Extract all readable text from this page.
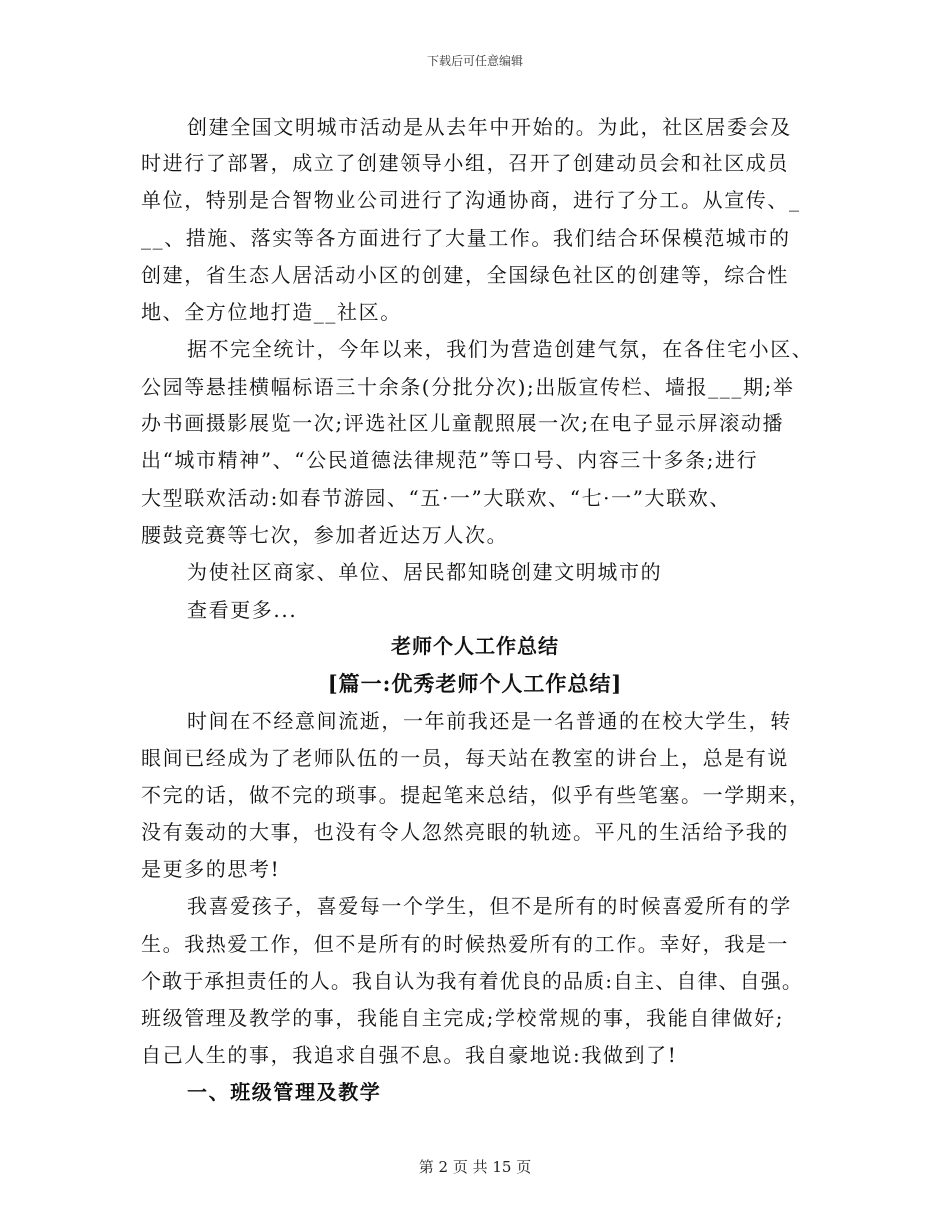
下载后可任意编辑
创建全国文明城市活动是从去年中开始的。为此，社区居委会及
时进行了部署，成立了创建领导小组，召开了创建动员会和社区成员
单位，特别是合智物业公司进行了沟通协商，进行了分工。从宣传、_
__、措施、落实等各方面进行了大量工作。我们结合环保模范城市的
创建，省生态人居活动小区的创建，全国绿色社区的创建等，综合性
地、全方位地打造__社区。
据不完全统计，今年以来，我们为营造创建气氛，在各住宅小区、
公园等悬挂横幅标语三十余条(分批分次);出版宣传栏、墙报___期;举
办书画摄影展览一次;评选社区儿童靓照展一次;在电子显示屏滚动播
出“城市精神”、“公民道德法律规范”等口号、内容三十多条;进行
大型联欢活动:如春节游园、“五·一”大联欢、“七·一”大联欢、
腰鼓竞赛等七次，参加者近达万人次。
为使社区商家、单位、居民都知晓创建文明城市的
查看更多...
老师个人工作总结
[篇一:优秀老师个人工作总结]
时间在不经意间流逝，一年前我还是一名普通的在校大学生，转
眼间已经成为了老师队伍的一员，每天站在教室的讲台上，总是有说
不完的话，做不完的琐事。提起笔来总结，似乎有些笔塞。一学期来，
没有轰动的大事，也没有令人忽然亮眼的轨迹。平凡的生活给予我的
是更多的思考!
我喜爱孩子，喜爱每一个学生，但不是所有的时候喜爱所有的学
生。我热爱工作，但不是所有的时候热爱所有的工作。幸好，我是一
个敢于承担责任的人。我自认为我有着优良的品质:自主、自律、自强。
班级管理及教学的事，我能自主完成;学校常规的事，我能自律做好;
自己人生的事，我追求自强不息。我自豪地说:我做到了!
一、班级管理及教学
第 2 页 共 15 页
